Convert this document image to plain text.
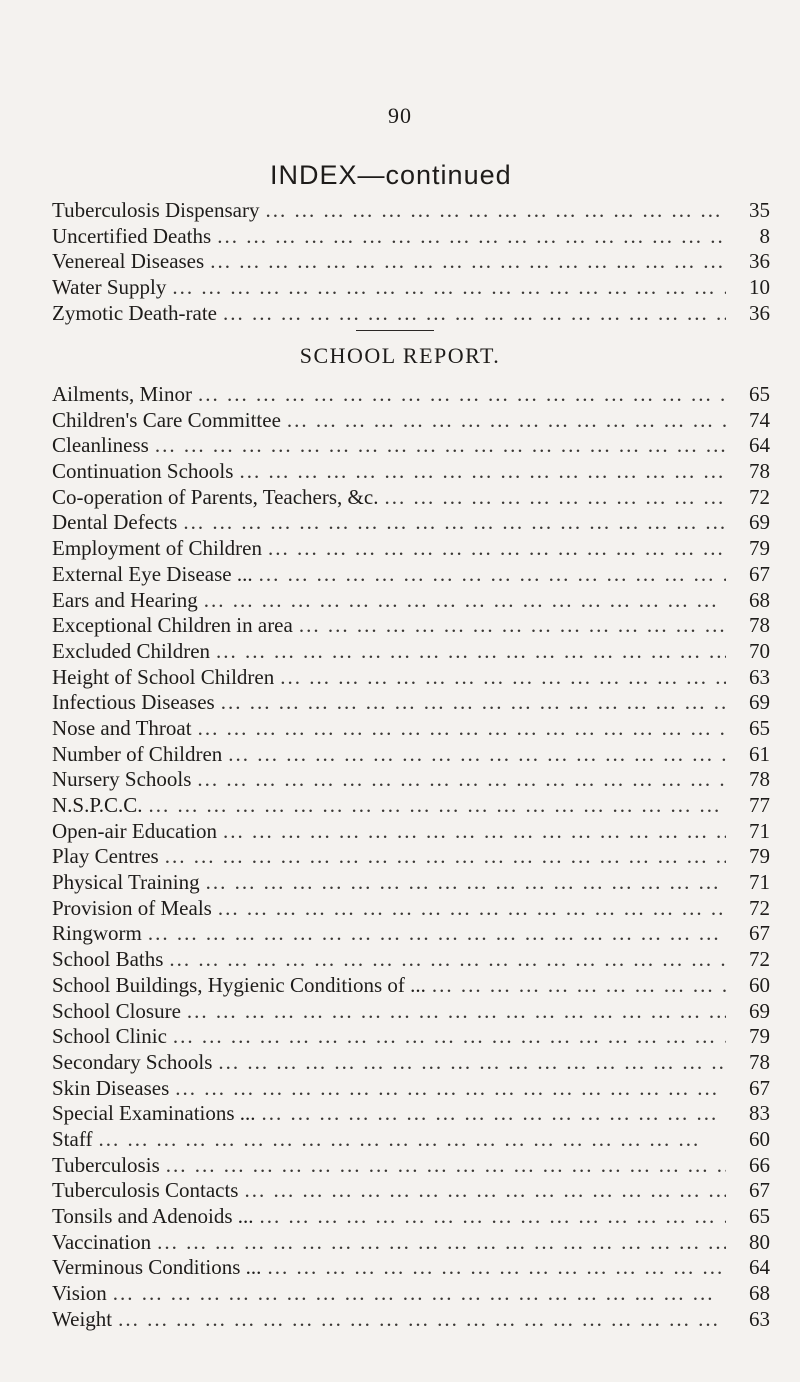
90
INDEX—continued
Tuberculosis Dispensary ... .	35
Uncertified Deaths ... .	8
Venereal Diseases ... .	36
Water Supply ... .	10
Zymotic Death-rate ... .	36
SCHOOL REPORT.
Ailments, Minor ... .	65
Children's Care Committee ... .	74
Cleanliness ... .	64
Continuation Schools ... .	78
Co-operation of Parents, Teachers, &c. ... .	72
Dental Defects ... .	69
Employment of Children ... .	79
External Eye Disease ... ... .	67
Ears and Hearing ... .	68
Exceptional Children in area ... .	78
Excluded Children ... .	70
Height of School Children ... .	63
Infectious Diseases ... .	69
Nose and Throat ... .	65
Number of Children ... .	61
Nursery Schools ... .	78
N.S.P.C.C. ... .	77
Open-air Education ... .	71
Play Centres ... .	79
Physical Training ... .	71
Provision of Meals ... .	72
Ringworm ... .	67
School Baths ... .	72
School Buildings, Hygienic Conditions of ... ... .	60
School Closure ... .	69
School Clinic ... .	79
Secondary Schools ... .	78
Skin Diseases ... .	67
Special Examinations ... ... .	83
Staff ... .	60
Tuberculosis ... .	66
Tuberculosis Contacts ... .	67
Tonsils and Adenoids ... ... .	65
Vaccination ... .	80
Verminous Conditions ... ... .	64
Vision ... .	68
Weight ... .	63
